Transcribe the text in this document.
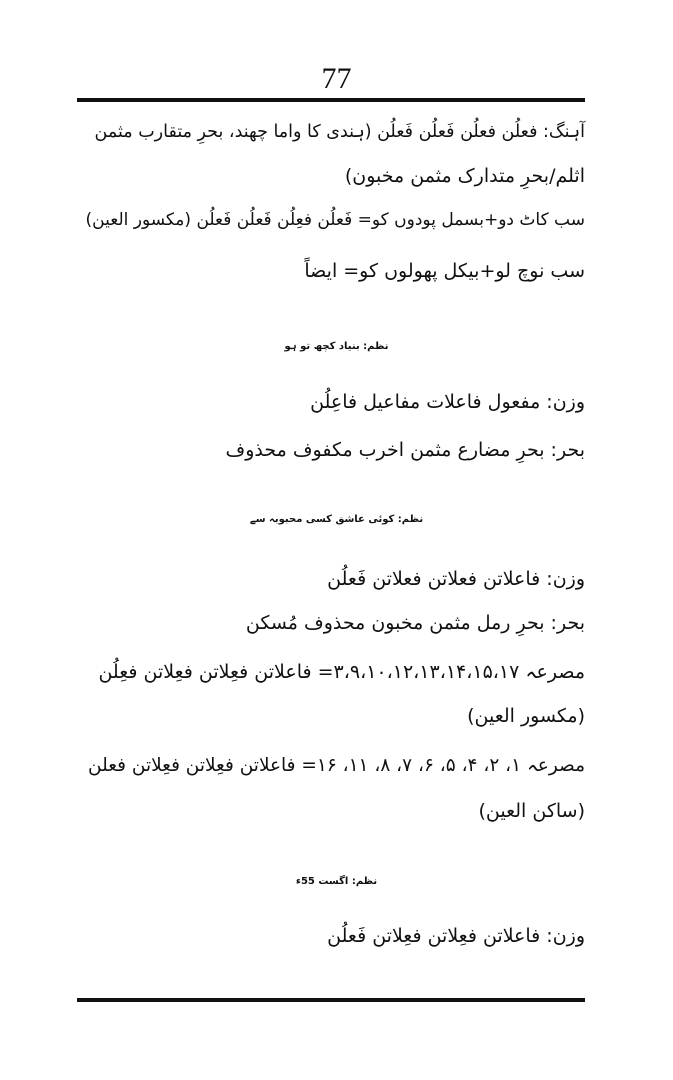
77
آہنگ: فعلُن فعلُن فَعلُن فَعلُن (ہندی کا واما چھند، بحرِ متقارب مثمن
اثلم/بحرِ متدارک مثمن مخبون)
سب کاٹ دو+بسمل پودوں کو= فَعلُن فعِلُن فَعلُن فَعلُن (مکسور العین)
سب نوچ لو+بیکل پھولوں کو= ایضاً
نظم: بنیاد کچھ تو ہو
وزن: مفعول فاعلات مفاعیل فاعِلُن
بحر: بحرِ مضارع مثمن اخرب مکفوف محذوف
نظم: کوئی عاشق کسی محبوبہ سے
وزن: فاعلاتن فعلاتن فعلاتن فَعلُن
بحر: بحرِ رمل مثمن مخبون محذوف مُسکن
مصرعہ ۳،۹،۱۰،۱۲،۱۳،۱۴،۱۵،۱۷= فاعلاتن فعِلاتن فعِلاتن فعِلُن
(مکسور العین)
مصرعہ ۱، ۲، ۴، ۵، ۶، ۷، ۸، ۱۱، ۱۶= فاعلاتن فعِلاتن فعِلاتن فعلن
(ساکن العین)
نظم: اگست 55ء
وزن: فاعلاتن فعِلاتن فعِلاتن فَعلُن
